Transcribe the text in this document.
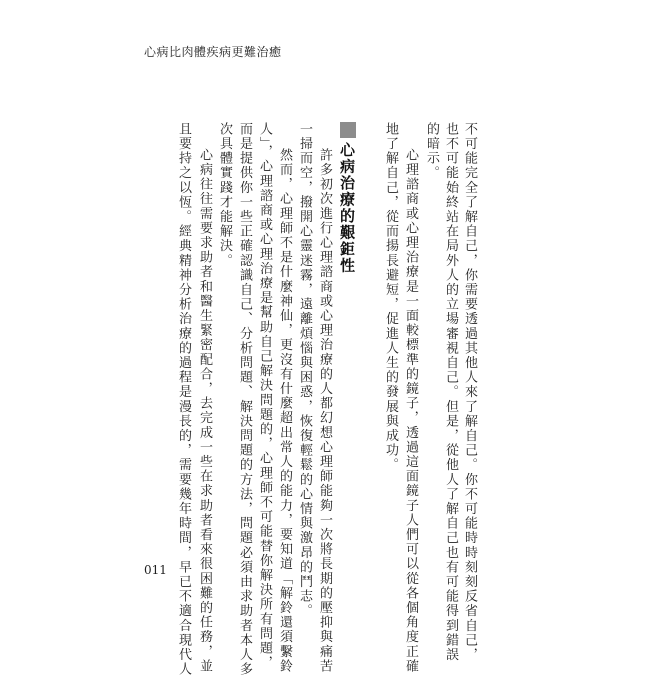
心病比肉體疾病更難治癒
不可能完全了解自己，你需要透過其他人來了解自己。你不可能時時刻刻反省自己，
也不可能始終站在局外人的立場審視自己。但是，從他人了解自己也有可能得到錯誤
的暗示。
心理諮商或心理治療是一面較標準的鏡子，透過這面鏡子人們可以從各個角度正確
地了解自己，從而揚長避短，促進人生的發展與成功。
心病治療的艱鉅性
許多初次進行心理諮商或心理治療的人都幻想心理師能夠一次將長期的壓抑與痛苦
一掃而空，撥開心靈迷霧，遠離煩惱與困惑，恢復輕鬆的心情與激昂的鬥志。
然而，心理師不是什麼神仙，更沒有什麼超出常人的能力，要知道「解鈴還須繫鈴
人」，心理諮商或心理治療是幫助自己解決問題的，心理師不可能替你解決所有問題，
而是提供你一些正確認識自己、分析問題、解決問題的方法，問題必須由求助者本人多
次具體實踐才能解決。
心病往往需要求助者和醫生緊密配合，去完成一些在求助者看來很困難的任務，並
且要持之以恆。經典精神分析治療的過程是漫長的，需要幾年時間，早已不適合現代人
011
